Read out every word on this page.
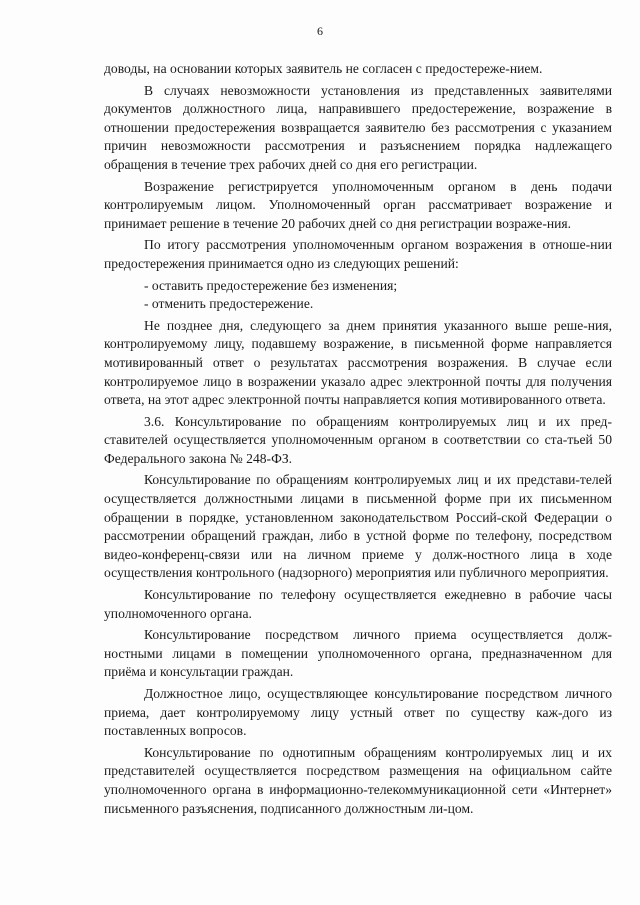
6

доводы, на основании которых заявитель не согласен с предостереже-нием.

В случаях невозможности установления из представленных заявителями документов должностного лица, направившего предостережение, возражение в отношении предостережения возвращается заявителю без рассмотрения с указанием причин невозможности рассмотрения и разъяснением порядка надлежащего обращения в течение трех рабочих дней со дня его регистрации.

Возражение регистрируется уполномоченным органом в день подачи контролируемым лицом. Уполномоченный орган рассматривает возражение и принимает решение в течение 20 рабочих дней со дня регистрации возраже-ния.

По итогу рассмотрения уполномоченным органом возражения в отноше-нии предостережения принимается одно из следующих решений:

- оставить предостережение без изменения;

- отменить предостережение.

Не позднее дня, следующего за днем принятия указанного выше реше-ния, контролируемому лицу, подавшему возражение, в письменной форме направляется мотивированный ответ о результатах рассмотрения возражения. В случае если контролируемое лицо в возражении указало адрес электронной почты для получения ответа, на этот адрес электронной почты направляется копия мотивированного ответа.

3.6. Консультирование по обращениям контролируемых лиц и их пред-ставителей осуществляется уполномоченным органом в соответствии со ста-тьей 50 Федерального закона № 248-ФЗ.

Консультирование по обращениям контролируемых лиц и их представи-телей осуществляется должностными лицами в письменной форме при их письменном обращении в порядке, установленном законодательством Россий-ской Федерации о рассмотрении обращений граждан, либо в устной форме по телефону, посредством видео-конференц-связи или на личном приеме у долж-ностного лица в ходе осуществления контрольного (надзорного) мероприятия или публичного мероприятия.

Консультирование по телефону осуществляется ежедневно в рабочие часы уполномоченного органа.

Консультирование посредством личного приема осуществляется долж-ностными лицами в помещении уполномоченного органа, предназначенном для приёма и консультации граждан.

Должностное лицо, осуществляющее консультирование посредством личного приема, дает контролируемому лицу устный ответ по существу каж-дого из поставленных вопросов.

Консультирование по однотипным обращениям контролируемых лиц и их представителей осуществляется посредством размещения на официальном сайте уполномоченного органа в информационно-телекоммуникационной сети «Интернет» письменного разъяснения, подписанного должностным ли-цом.
